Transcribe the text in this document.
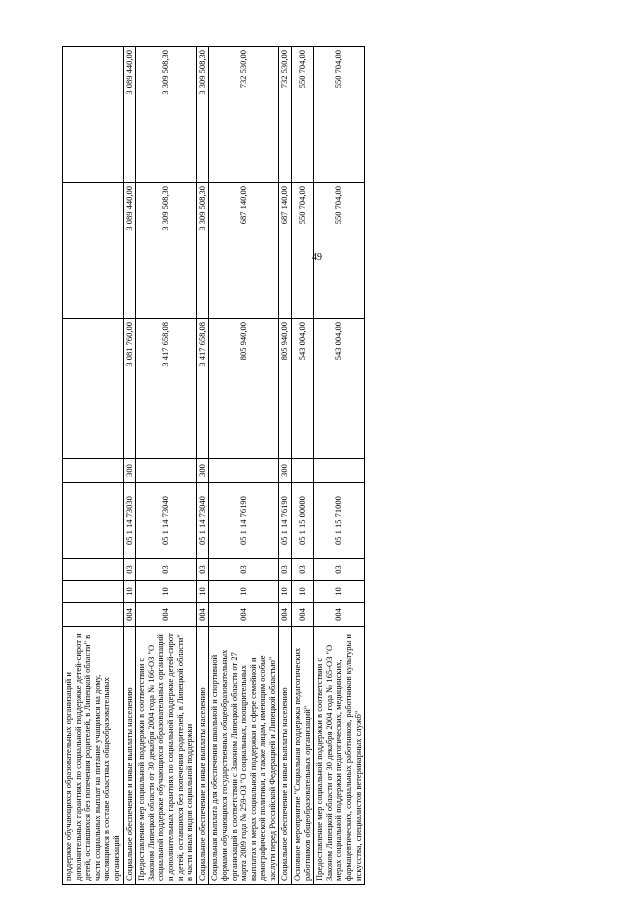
49
поддержке обучающихся образовательных организаций и дополнительных гарантиях по социальной поддержке детей-сирот и детей, оставшихся без попечения родителей, в Липецкой области" в части социальных выплат на питание учащимся на дому, числящимся в составе областных общеобразовательных организаций								
Социальное обеспечение и иные выплаты населению	004	10	03	05 1 14 73030	300	3 081 760,00	3 089 440,00	3 089 440,00
Предоставление мер социальной поддержки в соответствии с Законом Липецкой области от 30 декабря 2004 года № 166-ОЗ "О социальной поддержке обучающихся образовательных организаций и дополнительных гарантиях по социальной поддержке детей-сирот и детей, оставшихся без попечения родителей, в Липецкой области" в части иных видов социальной поддержки	004	10	03	05 1 14 73040		3 417 658,08	3 309 508,30	3 309 508,30
Социальное обеспечение и иные выплаты населению	004	10	03	05 1 14 73040	300	3 417 658,08	3 309 508,30	3 309 508,30
Социальная выплата для обеспечения школьной и спортивной формами обучающихся государственных общеобразовательных организаций в соответствии с Законом Липецкой области от 27 марта 2009 года № 259-ОЗ "О социальных, поощрительных выплатах и мерах социальной поддержки в сфере семейной и демографической политики, а также лицам, имеющим особые заслуги перед Российской Федерацией и Липецкой областью"	004	10	03	05 1 14 76190		805 940,00	687 140,00	732 530,00
Социальное обеспечение и иные выплаты населению	004	10	03	05 1 14 76190	300	805 940,00	687 140,00	732 530,00
Основное мероприятие "Социальная поддержка педагогических работников общеобразовательных организаций"	004	10	03	05 1 15 00000		543 004,00	550 704,00	550 704,00
Предоставление мер социальной поддержки в соответствии с Законом Липецкой области от 30 декабря 2004 года № 165-ОЗ "О мерах социальной поддержки педагогических, медицинских, фармацевтических, социальных работников, работников культуры и искусства, специалистов ветеринарных служб"	004	10	03	05 1 15 71000		543 004,00	550 704,00	550 704,00
